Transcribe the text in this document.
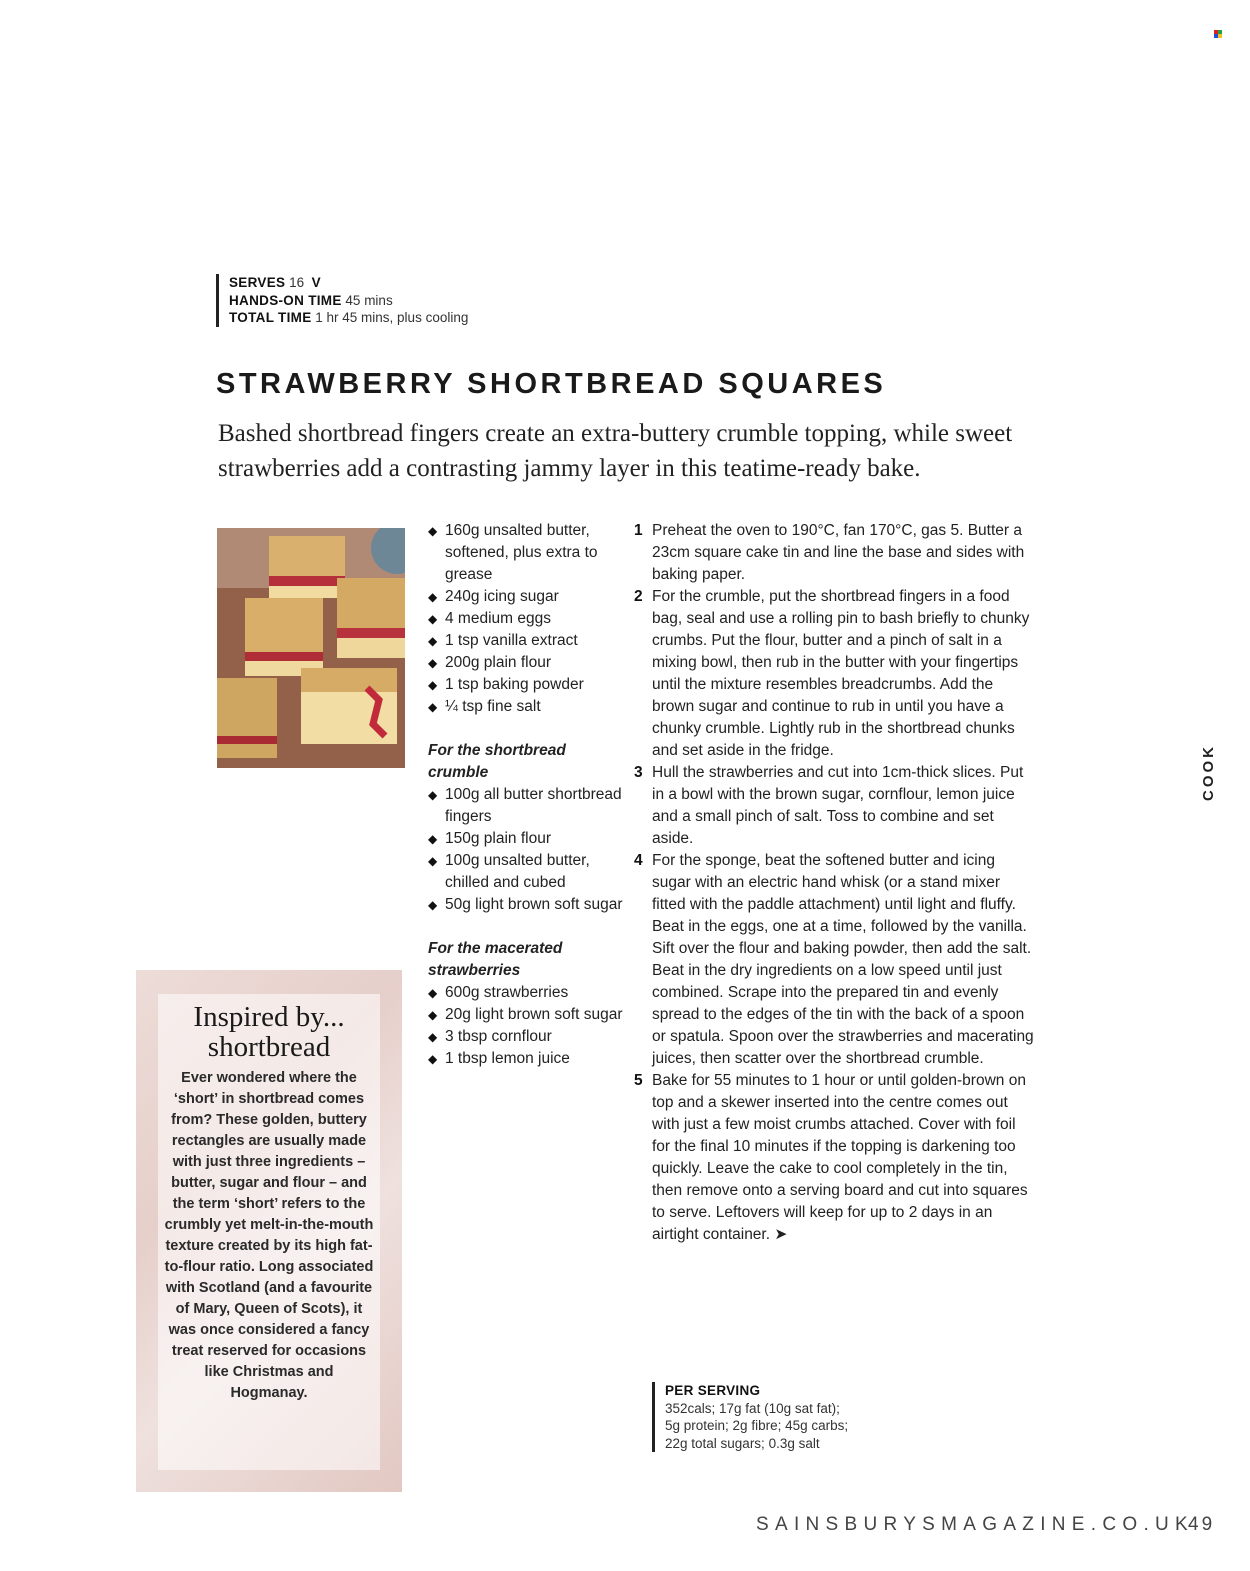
SERVES 16 V
HANDS-ON TIME 45 mins
TOTAL TIME 1 hr 45 mins, plus cooling
STRAWBERRY SHORTBREAD SQUARES

Bashed shortbread fingers create an extra-buttery crumble topping, while sweet strawberries add a contrasting jammy layer in this teatime-ready bake.

◆ 160g unsalted butter, softened, plus extra to grease
◆ 240g icing sugar
◆ 4 medium eggs
◆ 1 tsp vanilla extract
◆ 200g plain flour
◆ 1 tsp baking powder
◆ ¼ tsp fine salt

For the shortbread crumble

◆ 100g all butter shortbread fingers
◆ 150g plain flour
◆ 100g unsalted butter, chilled and cubed
◆ 50g light brown soft sugar

For the macerated strawberries

◆ 600g strawberries
◆ 20g light brown soft sugar
◆ 3 tbsp cornflour
◆ 1 tbsp lemon juice
1 Preheat the oven to 190°C, fan 170°C, gas 5. Butter a 23cm square cake tin and line the base and sides with baking paper.
2 For the crumble, put the shortbread fingers in a food bag, seal and use a rolling pin to bash briefly to chunky crumbs. Put the flour, butter and a pinch of salt in a mixing bowl, then rub in the butter with your fingertips until the mixture resembles breadcrumbs. Add the brown sugar and continue to rub in until you have a chunky crumble. Lightly rub in the shortbread chunks and set aside in the fridge.
3 Hull the strawberries and cut into 1cm-thick slices. Put in a bowl with the brown sugar, cornflour, lemon juice and a small pinch of salt. Toss to combine and set aside.
4 For the sponge, beat the softened butter and icing sugar with an electric hand whisk (or a stand mixer fitted with the paddle attachment) until light and fluffy. Beat in the eggs, one at a time, followed by the vanilla. Sift over the flour and baking powder, then add the salt. Beat in the dry ingredients on a low speed until just combined. Scrape into the prepared tin and evenly spread to the edges of the tin with the back of a spoon or spatula. Spoon over the strawberries and macerating juices, then scatter over the shortbread crumble.
5 Bake for 55 minutes to 1 hour or until golden-brown on top and a skewer inserted into the centre comes out with just a few moist crumbs attached. Cover with foil for the final 10 minutes if the topping is darkening too quickly. Leave the cake to cool completely in the tin, then remove onto a serving board and cut into squares to serve. Leftovers will keep for up to 2 days in an airtight container. ➤
PER SERVING
352cals; 17g fat (10g sat fat);
5g protein; 2g fibre; 45g carbs;
22g total sugars; 0.3g salt
Inspired by...
shortbread

Ever wondered where the ‘short’ in shortbread comes from? These golden, buttery rectangles are usually made with just three ingredients – butter, sugar and flour – and the term ‘short’ refers to the crumbly yet melt-in-the-mouth texture created by its high fat-to-flour ratio. Long associated with Scotland (and a favourite of Mary, Queen of Scots), it was once considered a fancy treat reserved for occasions like Christmas and Hogmanay.

COOK
SAINSBURYSMAGAZINE.CO.UK
49
